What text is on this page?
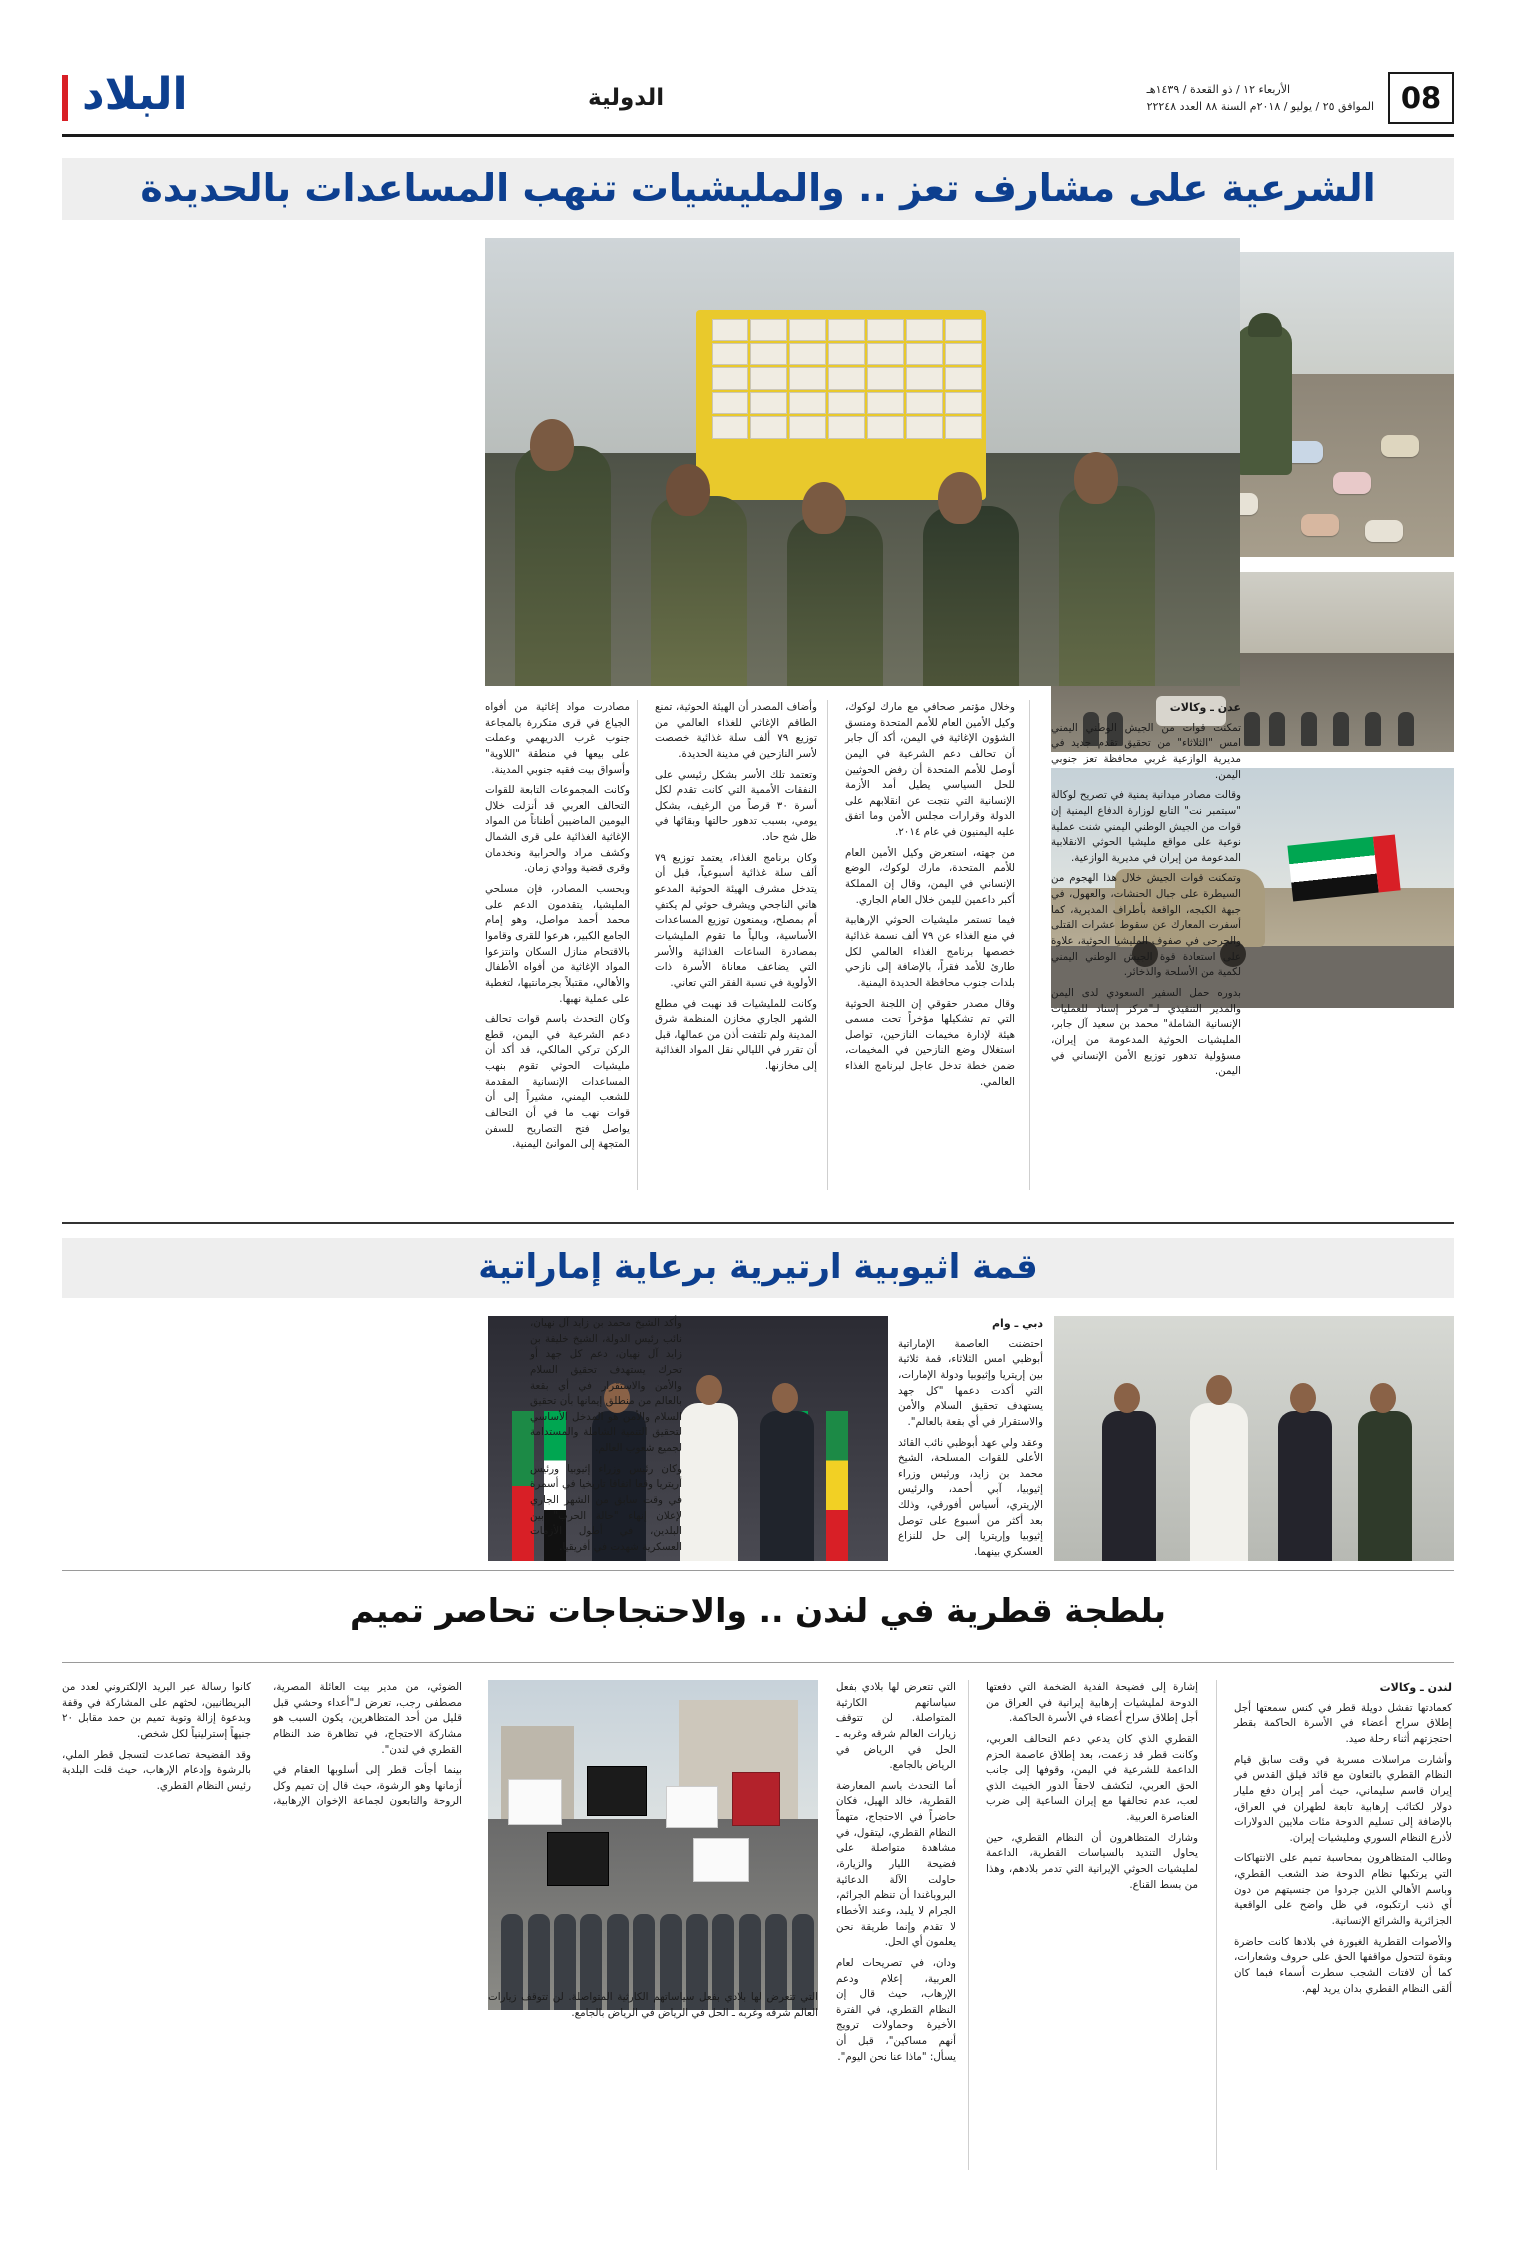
08
الأربعاء ١٢ / ذو القعدة / ١٤٣٩هـ
الموافق ٢٥ / يوليو / ٢٠١٨م السنة ٨٨ العدد ٢٢٢٤٨
الدولية
البلاد
الشرعية على مشارف تعز .. والمليشيات تنهب المساعدات بالحديدة
عدن ـ وكالات

تمكنت قوات من الجيش الوطني اليمني امس "الثلاثاء" من تحقيق تقدم جديد في مديرية الوازعية غربي محافظة تعز جنوبي اليمن.

وقالت مصادر ميدانية يمنية في تصريح لوكالة "سبتمبر نت" التابع لوزارة الدفاع اليمنية إن قوات من الجيش الوطني اليمني شنت عملية نوعية على مواقع مليشيا الحوثي الانقلابية المدعومة من إيران في مديرية الوازعية.

وتمكنت قوات الجيش خلال هذا الهجوم من السيطرة على جبال الحنشات، والعهول، في جبهة الكبجه، الواقعة بأطراف المديرية، كما أسفرت المعارك عن سقوط عشرات القتلى والجرحى في صفوف المليشيا الحوثية، علاوة على استعادة قوة الجيش الوطني اليمني لكمية من الأسلحة والذخائر.

بدوره حمل السفير السعودي لدى اليمن والمدير التنفيذي لـ"مركز إسناد للعمليات الإنسانية الشاملة" محمد بن سعيد آل جابر، المليشيات الحوثية المدعومة من إيران، مسؤولية تدهور توزيع الأمن الإنساني في اليمن.

وخلال مؤتمر صحافي مع مارك لوكوك، وكيل الأمين العام للأمم المتحدة ومنسق الشؤون الإغاثية في اليمن، أكد آل جابر أن تحالف دعم الشرعية في اليمن أوصل للأمم المتحدة أن رفض الحوثيين للحل السياسي يطيل أمد الأزمة الإنسانية التي نتجت عن انقلابهم على الدولة وقرارات مجلس الأمن وما اتفق عليه اليمنيون في عام ٢٠١٤.

من جهته، استعرض وكيل الأمين العام للأمم المتحدة، مارك لوكوك، الوضع الإنساني في اليمن، وقال إن المملكة أكبر داعمين لليمن خلال العام الجاري.

فيما تستمر مليشيات الحوثي الإرهابية في منع الغذاء عن ٧٩ ألف نسمة غذائية خصصها برنامج الغذاء العالمي لكل طارئ للأمد فقراً، بالإضافة إلى نازحي بلدات جنوب محافظة الحديدة اليمنية.

وقال مصدر حقوقي إن اللجنة الحوثية التي تم تشكيلها مؤخراً تحت مسمى هيئة لإدارة مخيمات النازحين، تواصل استغلال وضع النازحين في المخيمات، ضمن خطة تدخل عاجل لبرنامج الغذاء العالمي.

وأضاف المصدر أن الهيئة الحوثية، تمنع الطاقم الإغاثي للغذاء العالمي من توزيع ٧٩ ألف سلة غذائية خصصت لأسر النازحين في مدينة الحديدة.

وتعتمد تلك الأسر بشكل رئيسي على النفقات الأممية التي كانت تقدم لكل أسرة ٣٠ قرصاً من الرغيف، بشكل يومي، بسبب تدهور حالتها وبقائها في ظل شح حاد.

وكان برنامج الغذاء، يعتمد توزيع ٧٩ ألف سلة غذائية أسبوعياً، قبل أن يتدخل مشرف الهيئة الحوثية المدعو هاني الناجحي ويشرف حوثي لم يكتفِ أم بمصلح، ويمنعون توزيع المساعدات الأساسية، وبالياً ما تقوم المليشيات بمصادرة الساعات الغذائية والأسر التي يضاعف معاناة الأسرة ذات الأولوية في نسبة الفقر التي تعاني.

وكانت للمليشيات قد نهبت في مطلع الشهر الجاري مخازن المنظمة شرق المدينة ولم تلتفت أذن من عمالها، قبل أن تقرر في الليالي نقل المواد الغذائية إلى مخازنها.

مصادرت مواد إغاثية من أفواه الجياع في قرى متكررة بالمجاعة جنوب غرب الدريهمي وعملت على بيعها في منطقة "اللاوية" وأسواق بيت فقيه جنوبي المدينة.

وكانت المجموعات التابعة للقوات التحالف العربي قد أنزلت خلال اليومين الماضيين أطناناً من المواد الإغاثية الغذائية على قرى الشمال وكشف مراد والحرابية ونخدمان وقرى قضية ووادي زمان.

وبحسب المصادر، فإن مسلحي المليشيا، يتقدمون الدعم على محمد أحمد مواصل، وهو إمام الجامع الكبير، هرعوا للقرى وقاموا بالاقتحام منازل السكان وانتزعوا المواد الإغاثية من أفواه الأطفال والأهالي، مقتبلاً بجرمانتيها، لتغطية على عملية نهبها.

وكان التحدث باسم قوات تحالف دعم الشرعية في اليمن، قطع الركن تركي المالكي، قد أكد أن مليشيات الحوثي تقوم بنهب المساعدات الإنسانية المقدمة للشعب اليمني، مشيراً إلى أن قوات نهب ما في أن التحالف يواصل فتح التصاريح للسفن المتجهة إلى الموانئ اليمنية.

قمة اثيوبية ارتيرية برعاية إماراتية
دبي ـ وام

احتضنت العاصمة الإماراتية أبوظبي امس الثلاثاء، قمة ثلاثية بين إريتريا وإثيوبيا ودولة الإمارات، التي أكدت دعمها "كل جهد يستهدف تحقيق السلام والأمن والاستقرار في أي بقعة بالعالم".

وعقد ولي عهد أبوظبي نائب القائد الأعلى للقوات المسلحة، الشيخ محمد بن زايد، ورئيس وزراء إثيوبيا، آبي أحمد، والرئيس الإريتري، أسياس أفورقي، وذلك بعد أكثر من أسبوع على توصل إثيوبيا وإريتريا إلى حل للنزاع العسكري بينهما.

وأكد الشيخ محمد بن زايد آل نهيان، نائب رئيس الدولة، الشيخ خليفة بن زايد آل نهيان، دعم كل جهد أو تحرك يستهدف تحقيق السلام والأمن والاستقرار في أي بقعة بالعالم من منطلق إيمانها بأن تحقيق السلام والأمن هو المدخل الأساسي لتحقيق التنمية الشاملة والمستدامة لجميع شعوب العالم.

وكان رئيس وزراء إثيوبيا ورئيس أريتريا وقعا اتفاقا تاريخيا في أسمرة في وقت سابق من الشهر الجاري لإعلان إنهاء "حالة الحرب" بين البلدين، في أطول الأزمات العسكرية شهدت في أفريقيا.

بلطجة قطرية في لندن .. والاحتجاجات تحاصر تميم
لندن ـ وكالات

كعمادتها تفشل دويلة قطر في كنس سمعتها أجل إطلاق سراح أعضاء في الأسرة الحاكمة بقطر احتجزتهم أثناء رحلة صيد.

وأشارت مراسلات مسربة في وقت سابق قيام النظام القطري بالتعاون مع قائد فيلق القدس في إيران قاسم سليماني، حيث أمر إيران دفع مليار دولار لكتائب إرهابية تابعة لطهران في العراق، بالإضافة إلى تسليم الدوحة مئات ملايين الدولارات لأذرع النظام السوري ومليشيات إيران.

وطالب المتظاهرون بمحاسبة تميم على الانتهاكات التي يرتكبها نظام الدوحة ضد الشعب القطري، وباسم الأهالي الذين جردوا من جنسيتهم من دون أي ذنب ارتكبوه، في ظل واضح على الواقعية الجزائرية والشرائع الإنسانية.

والأصوات القطرية الغيورة في بلادها كانت حاضرة وبقوة لتتحول مواقفها الحق على حروف وشعارات، كما أن لافتات الشجب سطرت أسماء فبما كان ألقى النظام القطري بدان يريد لهم.

إشارة إلى فضيحة الفدية الضخمة التي دفعتها الدوحة لمليشيات إرهابية إيرانية في العراق من أجل إطلاق سراح أعضاء في الأسرة الحاكمة.

القطري الذي كان يدعي دعم التحالف العربي، وكانت قطر قد زعمت، بعد إطلاق عاصمة الحزم الداعمة للشرعية في اليمن، وقوفها إلى جانب الحق العربي، لتكشف لاحقاً الدور الخبيث الذي لعب، عدم تحالفها مع إيران الساعية إلى ضرب العناصرة العربية.

وشارك المتظاهرون أن النظام القطري، حين يحاول التنديد بالسياسات القطرية، الداعمة لمليشيات الحوثي الإيرانية التي تدمر بلادهم، وهذا من بسط القناع.

التي تتعرض لها بلادي بفعل سياساتهم الكارثية المتواصلة. لن تتوقف زيارات العالم شرقه وغربه ـ الحل في الرياض في الرياض بالجامع.

أما التحدث باسم المعارضة القطرية، خالد الهيل، فكان حاضراً في الاحتجاج، متهماً النظام القطري، ليتقول، في مشاهدة متواصلة على فضيحة الليار والزيارة، حاولت الآلة الدعائية البروباغندا أن تنظم الجرائم، الجرام لا يلبد، وعند الأخطاء لا تقدم وإنما طريقة نحن يعلمون أي الحل.

ودان، في تصريحات لعام العربية، إعلام ودعم الإرهاب، حيث قال إن النظام القطري، في الفترة الأخيرة وحماولات ترويج أنهم مساكين"، قبل أن يسأل: "ماذا عنا نحن اليوم".

الضوئي، من مدير بيت العائلة المصرية، مصطفى رجب، تعرض لـ"أعداء وحشي قبل قليل من أحد المتظاهرين، يكون السبب هو مشاركة الاحتجاج، في تظاهرة ضد النظام القطري في لندن".

بينما أجأت قطر إلى أسلوبها العقام في أزمانها وهو الرشوة، حيث قال إن تميم وكل الروحة والتابعون لجماعة الإخوان الإرهابية، كانوا رسالة عبر البريد الإلكتروني لعدد من البريطانيين، لحثهم على المشاركة في وقفة وبدعوة إزالة وتوبة تميم بن حمد مقابل ٢٠ جنيهاً إسترلينياً لكل شخص.

وقد الفضيحة تصاعدت لتسجل قطر الملي، بالرشوة وإدعام الإرهاب، حيث قلت البلدية رئيس النظام القطري.

التي تتعرض لها بلادي بفعل سياساتهم الكارثية المتواصلة. لن تتوقف زيارات العالم شرقه وغربه ـ الحل في الرياض في الرياض بالجامع.
